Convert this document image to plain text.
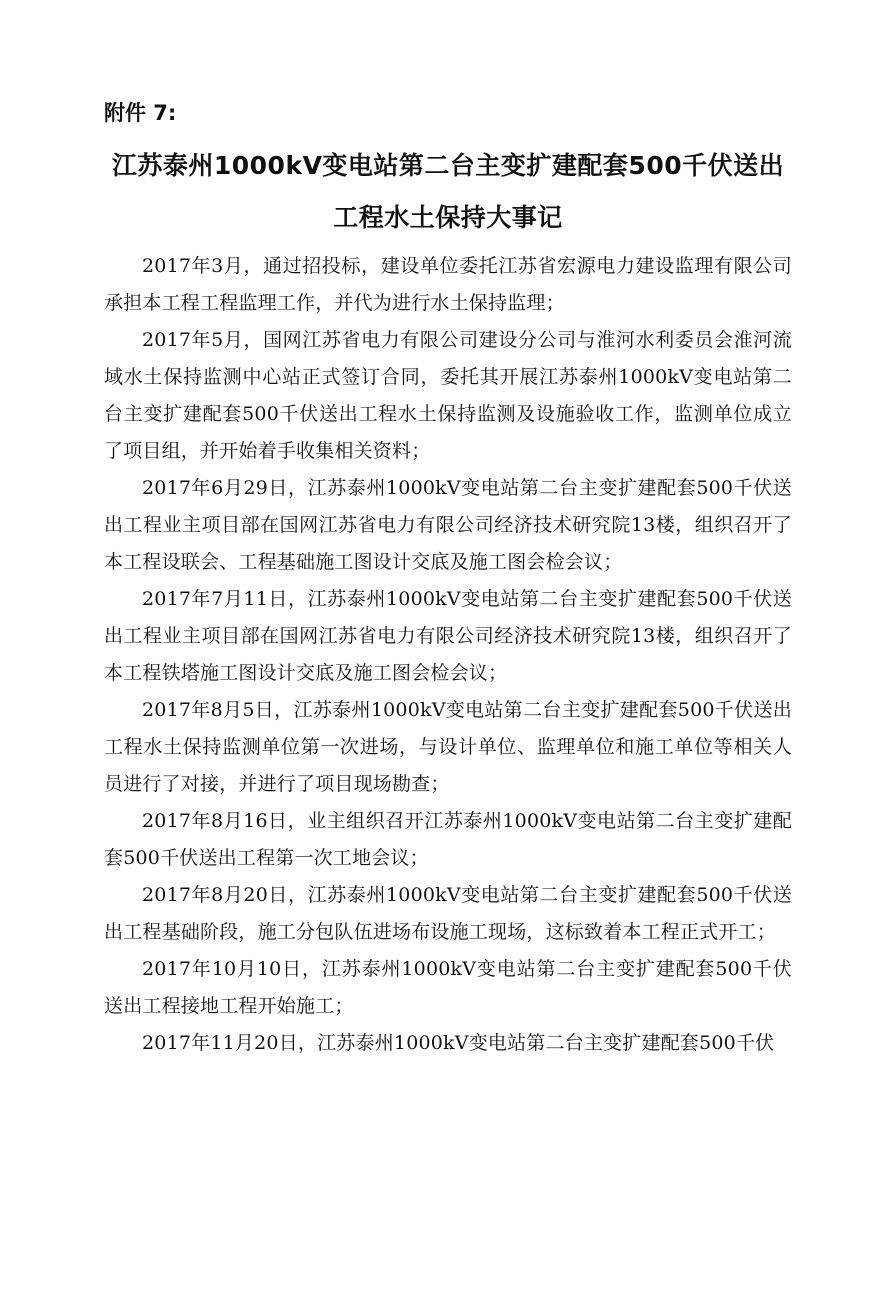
附件 7:
江苏泰州1000kV变电站第二台主变扩建配套500千伏送出
工程水土保持大事记

2017年3月，通过招投标，建设单位委托江苏省宏源电力建设监理有限公司承担本工程工程监理工作，并代为进行水土保持监理；

2017年5月，国网江苏省电力有限公司建设分公司与淮河水利委员会淮河流域水土保持监测中心站正式签订合同，委托其开展江苏泰州1000kV变电站第二台主变扩建配套500千伏送出工程水土保持监测及设施验收工作，监测单位成立了项目组，并开始着手收集相关资料；

2017年6月29日，江苏泰州1000kV变电站第二台主变扩建配套500千伏送出工程业主项目部在国网江苏省电力有限公司经济技术研究院13楼，组织召开了本工程设联会、工程基础施工图设计交底及施工图会检会议；

2017年7月11日，江苏泰州1000kV变电站第二台主变扩建配套500千伏送出工程业主项目部在国网江苏省电力有限公司经济技术研究院13楼，组织召开了本工程铁塔施工图设计交底及施工图会检会议；

2017年8月5日，江苏泰州1000kV变电站第二台主变扩建配套500千伏送出工程水土保持监测单位第一次进场，与设计单位、监理单位和施工单位等相关人员进行了对接，并进行了项目现场勘查；

2017年8月16日，业主组织召开江苏泰州1000kV变电站第二台主变扩建配套500千伏送出工程第一次工地会议；

2017年8月20日，江苏泰州1000kV变电站第二台主变扩建配套500千伏送出工程基础阶段，施工分包队伍进场布设施工现场，这标致着本工程正式开工；

2017年10月10日，江苏泰州1000kV变电站第二台主变扩建配套500千伏送出工程接地工程开始施工；

2017年11月20日，江苏泰州1000kV变电站第二台主变扩建配套500千伏
